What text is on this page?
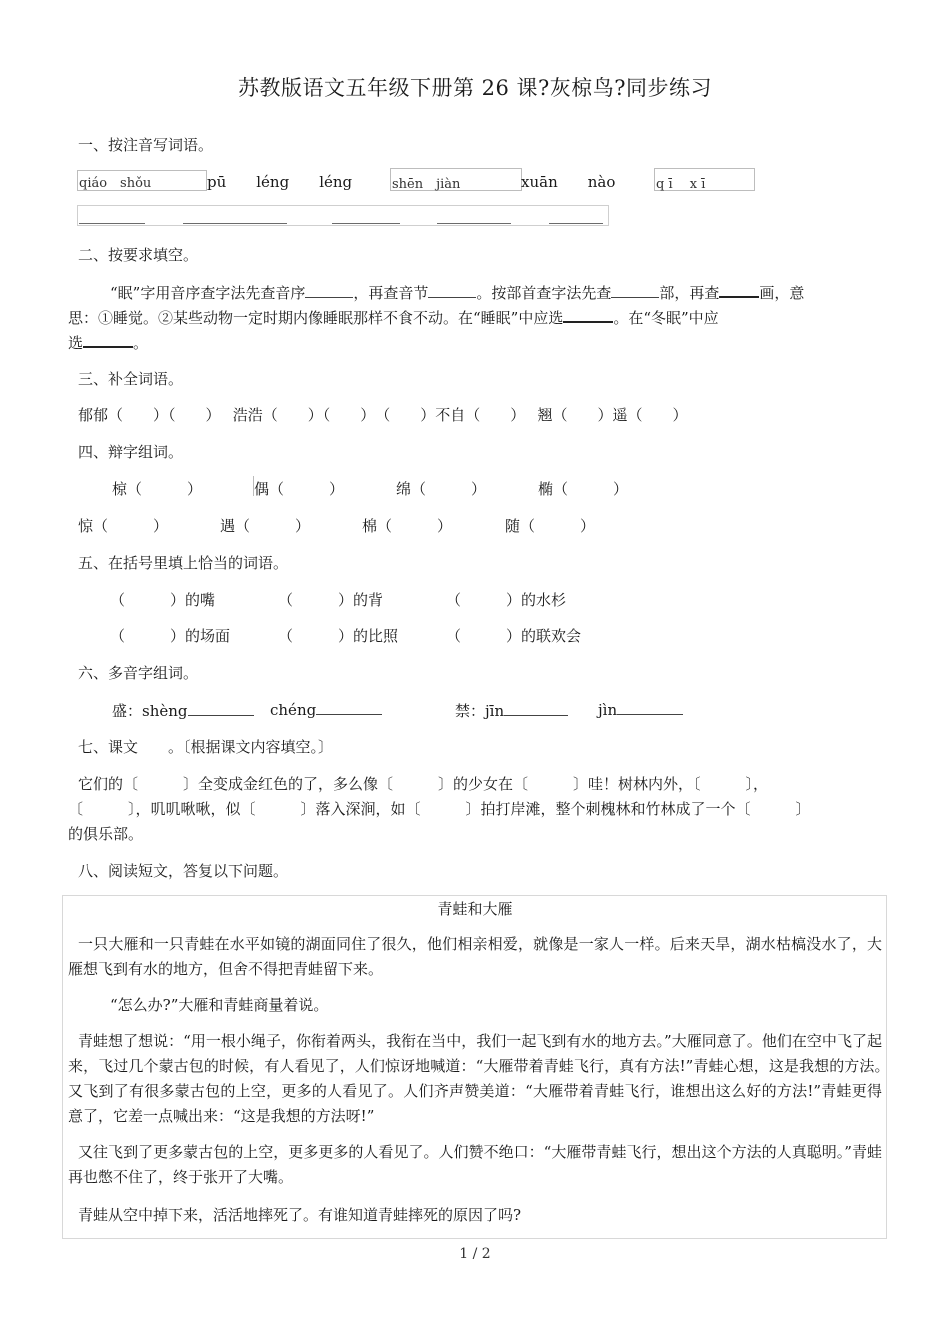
苏教版语文五年级下册第 26 课?灰椋鸟?同步练习
一、按注音写词语。
qiáo　shǒu	pū　　léng　　léng	shēn　jiàn	xuān　　nào	q ī　 x ī
二、按要求填空。
“眠”字用音序查字法先查音序	，再查音节	。按部首查字法先查	部，再查	画，意
思：①睡觉。②某些动物一定时期内像睡眠那样不食不动。在“睡眠”中应选	。在“冬眠”中应
选	。
三、补全词语。
郁郁（　　）（　　）　 浩浩（　　）（　　）　（　　）不自（　　）　 翘（　　）遥（　　）
四、辩字组词。
椋（　　　）	偶（　　　）	绵（　　　）	椭（　　　）
惊（　　　）	遇（　　　）	棉（　　　）	随（　　　）
五、在括号里填上恰当的词语。
（　　　）的嘴	（　　　）的背	（　　　）的水杉
（　　　）的场面	（　　　）的比照	（　　　）的联欢会
六、多音字组词。
盛：shèng	chéng	禁：jīn	jìn
七、课文　　。〔根据课文内容填空。〕
它们的〔　　　〕全变成金红色的了，多么像〔　　　〕的少女在〔　　　〕哇！树林内外，〔　　　〕，
〔　　　〕，叽叽啾啾，似〔　　　〕落入深涧，如〔　　　〕拍打岸滩，整个刺槐林和竹林成了一个〔　　　〕
的俱乐部。
八、阅读短文，答复以下问题。
青蛙和大雁
一只大雁和一只青蛙在水平如镜的湖面同住了很久，他们相亲相爱，就像是一家人一样。后来天旱，湖水枯槁没水了，大雁想飞到有水的地方，但舍不得把青蛙留下来。
“怎么办?”大雁和青蛙商量着说。
青蛙想了想说：“用一根小绳子，你衔着两头，我衔在当中，我们一起飞到有水的地方去。”大雁同意了。他们在空中飞了起来，飞过几个蒙古包的时候，有人看见了，人们惊讶地喊道：“大雁带着青蛙飞行，真有方法!”青蛙心想，这是我想的方法。　又飞到了有很多蒙古包的上空，更多的人看见了。人们齐声赞美道：“大雁带着青蛙飞行，谁想出这么好的方法!”青蛙更得意了，它差一点喊出来：“这是我想的方法呀!”
又往飞到了更多蒙古包的上空，更多更多的人看见了。人们赞不绝口：“大雁带青蛙飞行，想出这个方法的人真聪明。”青蛙再也憋不住了，终于张开了大嘴。
青蛙从空中掉下来，活活地摔死了。有谁知道青蛙摔死的原因了吗?
1 / 2
